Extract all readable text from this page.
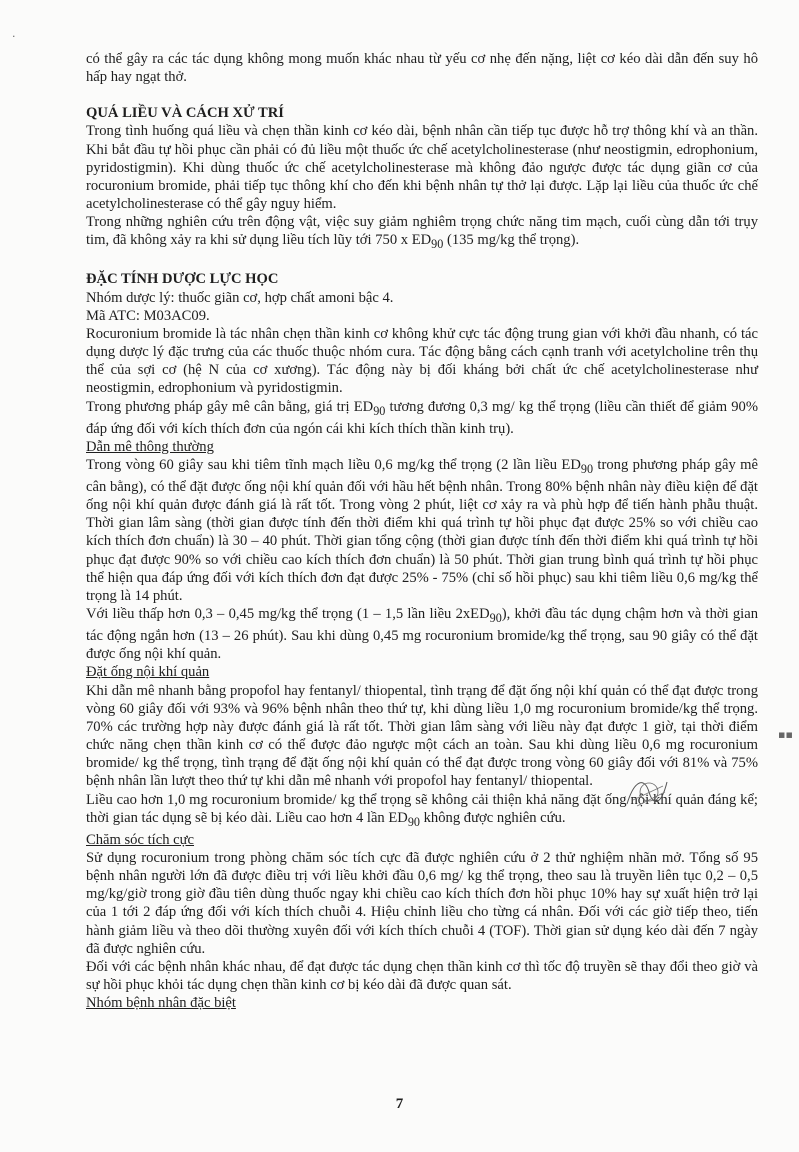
·
▪▪

có thể gây ra các tác dụng không mong muốn khác nhau từ yếu cơ nhẹ đến nặng, liệt cơ kéo dài dẫn đến suy hô hấp hay ngạt thở.

QUÁ LIỀU VÀ CÁCH XỬ TRÍ

Trong tình huống quá liều và chẹn thần kinh cơ kéo dài, bệnh nhân cần tiếp tục được hỗ trợ thông khí và an thần. Khi bắt đầu tự hồi phục cần phải có đủ liều một thuốc ức chế acetylcholinesterase (như neostigmin, edrophonium, pyridostigmin). Khi dùng thuốc ức chế acetylcholinesterase mà không đảo ngược được tác dụng giãn cơ của rocuronium bromide, phải tiếp tục thông khí cho đến khi bệnh nhân tự thở lại được. Lặp lại liều của thuốc ức chế acetylcholinesterase có thể gây nguy hiểm.

Trong những nghiên cứu trên động vật, việc suy giảm nghiêm trọng chức năng tim mạch, cuối cùng dẫn tới trụy tim, đã không xảy ra khi sử dụng liều tích lũy tới 750 x $ED_{90}$ (135 mg/kg thể trọng).

ĐẶC TÍNH DƯỢC LỰC HỌC

Nhóm dược lý: thuốc giãn cơ, hợp chất amoni bậc 4.

Mã ATC: M03AC09.

Rocuronium bromide là tác nhân chẹn thần kinh cơ không khử cực tác động trung gian với khởi đầu nhanh, có tác dụng dược lý đặc trưng của các thuốc thuộc nhóm cura. Tác động bằng cách cạnh tranh với acetylcholine trên thụ thể của sợi cơ (hệ N của cơ xương). Tác động này bị đối kháng bởi chất ức chế acetylcholinesterase như neostigmin, edrophonium và pyridostigmin.

Trong phương pháp gây mê cân bằng, giá trị $ED_{90}$ tương đương 0,3 mg/ kg thể trọng (liều cần thiết để giảm 90% đáp ứng đối với kích thích đơn của ngón cái khi kích thích thần kinh trụ).

Dẫn mê thông thường

Trong vòng 60 giây sau khi tiêm tĩnh mạch liều 0,6 mg/kg thể trọng (2 lần liều $ED_{90}$ trong phương pháp gây mê cân bằng), có thể đặt được ống nội khí quản đối với hầu hết bệnh nhân. Trong 80% bệnh nhân này điều kiện để đặt ống nội khí quản được đánh giá là rất tốt. Trong vòng 2 phút, liệt cơ xảy ra và phù hợp để tiến hành phẫu thuật. Thời gian lâm sàng (thời gian được tính đến thời điểm khi quá trình tự hồi phục đạt được 25% so với chiều cao kích thích đơn chuẩn) là 30 – 40 phút. Thời gian tổng cộng (thời gian được tính đến thời điểm khi quá trình tự hồi phục đạt được 90% so với chiều cao kích thích đơn chuẩn) là 50 phút. Thời gian trung bình quá trình tự hồi phục thể hiện qua đáp ứng đối với kích thích đơn đạt được 25% - 75% (chỉ số hồi phục) sau khi tiêm liều 0,6 mg/kg thể trọng là 14 phút.

Với liều thấp hơn 0,3 – 0,45 mg/kg thể trọng (1 – 1,5 lần liều 2xED$_{90}$), khởi đầu tác dụng chậm hơn và thời gian tác động ngắn hơn (13 – 26 phút). Sau khi dùng 0,45 mg rocuronium bromide/kg thể trọng, sau 90 giây có thể đặt được ống nội khí quản.

Đặt ống nội khí quản

Khi dẫn mê nhanh bằng propofol hay fentanyl/ thiopental, tình trạng để đặt ống nội khí quản có thể đạt được trong vòng 60 giây đối với 93% và 96% bệnh nhân theo thứ tự, khi dùng liều 1,0 mg rocuronium bromide/kg thể trọng. 70% các trường hợp này được đánh giá là rất tốt. Thời gian lâm sàng với liều này đạt được 1 giờ, tại thời điểm chức năng chẹn thần kinh cơ có thể được đảo ngược một cách an toàn. Sau khi dùng liều 0,6 mg rocuronium bromide/ kg thể trọng, tình trạng để đặt ống nội khí quản có thể đạt được trong vòng 60 giây đối với 81% và 75% bệnh nhân lần lượt theo thứ tự khi dẫn mê nhanh với propofol hay fentanyl/ thiopental.

Liều cao hơn 1,0 mg rocuronium bromide/ kg thể trọng sẽ không cải thiện khả năng đặt ống nội khí quản đáng kể; thời gian tác dụng sẽ bị kéo dài. Liều cao hơn 4 lần $ED_{90}$ không được nghiên cứu.

Chăm sóc tích cực

Sử dụng rocuronium trong phòng chăm sóc tích cực đã được nghiên cứu ở 2 thử nghiệm nhãn mở. Tổng số 95 bệnh nhân người lớn đã được điều trị với liều khởi đầu 0,6 mg/ kg thể trọng, theo sau là truyền liên tục 0,2 – 0,5 mg/kg/giờ trong giờ đầu tiên dùng thuốc ngay khi chiều cao kích thích đơn hồi phục 10% hay sự xuất hiện trở lại của 1 tới 2 đáp ứng đối với kích thích chuỗi 4. Hiệu chỉnh liều cho từng cá nhân. Đối với các giờ tiếp theo, tiến hành giảm liều và theo dõi thường xuyên đối với kích thích chuỗi 4 (TOF). Thời gian sử dụng kéo dài đến 7 ngày đã được nghiên cứu.

Đối với các bệnh nhân khác nhau, để đạt được tác dụng chẹn thần kinh cơ thì tốc độ truyền sẽ thay đổi theo giờ và sự hồi phục khỏi tác dụng chẹn thần kinh cơ bị kéo dài đã được quan sát.

Nhóm bệnh nhân đặc biệt

7
